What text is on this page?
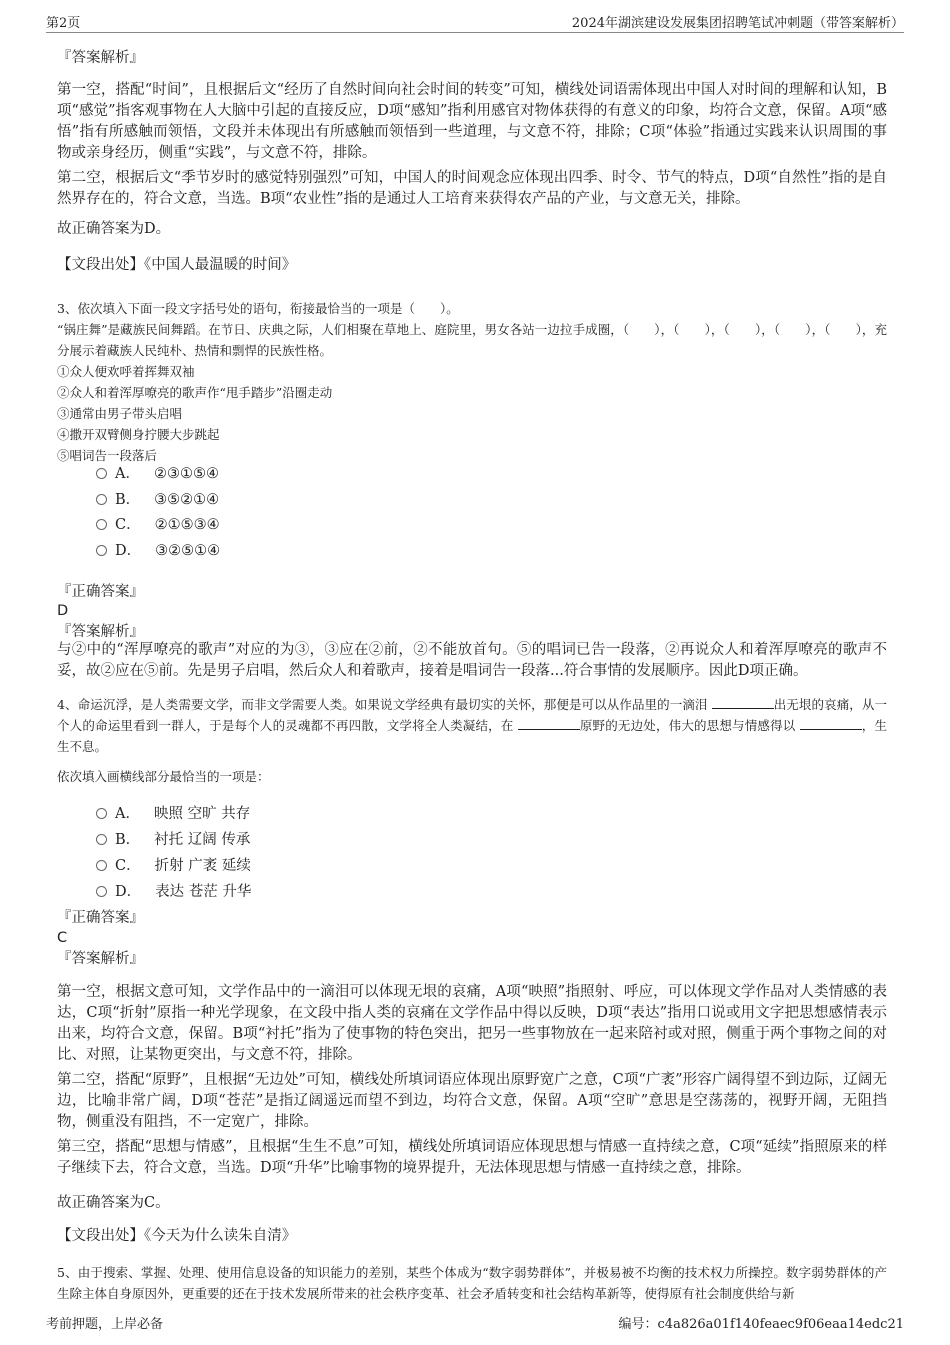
第2页	2024年湖滨建设发展集团招聘笔试冲刺题（带答案解析）
『答案解析』
第一空，搭配“时间”，且根据后文“经历了自然时间向社会时间的转变”可知，横线处词语需体现出中国人对时间的理解和认知，B项“感觉”指客观事物在人大脑中引起的直接反应，D项“感知”指利用感官对物体获得的有意义的印象，均符合文意，保留。A项“感悟”指有所感触而领悟，文段并未体现出有所感触而领悟到一些道理，与文意不符，排除；C项“体验”指通过实践来认识周围的事物或亲身经历，侧重“实践”，与文意不符，排除。
第二空，根据后文“季节岁时的感觉特别强烈”可知，中国人的时间观念应体现出四季、时令、节气的特点，D项“自然性”指的是自然界存在的，符合文意，当选。B项“农业性”指的是通过人工培育来获得农产品的产业，与文意无关，排除。
故正确答案为D。
【文段出处】《中国人最温暖的时间》
3、依次填入下面一段文字括号处的语句，衔接最恰当的一项是（　　）。
“锅庄舞”是藏族民间舞蹈。在节日、庆典之际，人们相聚在草地上、庭院里，男女各站一边拉手成圈，（　　），（　　），（　　），（　　），（　　），充分展示着藏族人民纯朴、热情和剽悍的民族性格。
①众人便欢呼着挥舞双袖
②众人和着浑厚嘹亮的歌声作“甩手踏步”沿圈走动
③通常由男子带头启唱
④撒开双臂侧身拧腰大步跳起
⑤唱词告一段落后
A． ②③①⑤④
B． ③⑤②①④
C． ②①⑤③④
D． ③②⑤①④
『正确答案』
D
『答案解析』
与②中的“浑厚嘹亮的歌声”对应的为③，③应在②前，②不能放首句。⑤的唱词已告一段落，②再说众人和着浑厚嘹亮的歌声不妥，故②应在⑤前。先是男子启唱，然后众人和着歌声，接着是唱词告一段落...符合事情的发展顺序。因此D项正确。
4、命运沉浮，是人类需要文学，而非文学需要人类。如果说文学经典有最切实的关怀，那便是可以从作品里的一滴泪	出无垠的哀痛，从一个人的命运里看到一群人，于是每个人的灵魂都不再四散，文学将全人类凝结，在	原野的无边处，伟大的思想与情感得以	，生生不息。
依次填入画横线部分最恰当的一项是：
A． 映照 空旷 共存
B． 衬托 辽阔 传承
C． 折射 广袤 延续
D． 表达 苍茫 升华
『正确答案』
C
『答案解析』
第一空，根据文意可知，文学作品中的一滴泪可以体现无垠的哀痛，A项“映照”指照射、呼应，可以体现文学作品对人类情感的表达，C项“折射”原指一种光学现象，在文段中指人类的哀痛在文学作品中得以反映，D项“表达”指用口说或用文字把思想感情表示出来，均符合文意，保留。B项“衬托”指为了使事物的特色突出，把另一些事物放在一起来陪衬或对照，侧重于两个事物之间的对比、对照，让某物更突出，与文意不符，排除。
第二空，搭配“原野”，且根据“无边处”可知，横线处所填词语应体现出原野宽广之意，C项“广袤”形容广阔得望不到边际，辽阔无边，比喻非常广阔，D项“苍茫”是指辽阔遥远而望不到边，均符合文意，保留。A项“空旷”意思是空荡荡的，视野开阔，无阻挡物，侧重没有阻挡，不一定宽广，排除。
第三空，搭配“思想与情感”，且根据“生生不息”可知，横线处所填词语应体现思想与情感一直持续之意，C项“延续”指照原来的样子继续下去，符合文意，当选。D项“升华”比喻事物的境界提升，无法体现思想与情感一直持续之意，排除。
故正确答案为C。
【文段出处】《今天为什么读朱自清》
5、由于搜索、掌握、处理、使用信息设备的知识能力的差别，某些个体成为“数字弱势群体”，并极易被不均衡的技术权力所操控。数字弱势群体的产生除主体自身原因外，更重要的还在于技术发展所带来的社会秩序变革、社会矛盾转变和社会结构革新等，使得原有社会制度供给与新
考前押题，上岸必备	编号：c4a826a01f140feaec9f06eaa14edc21
